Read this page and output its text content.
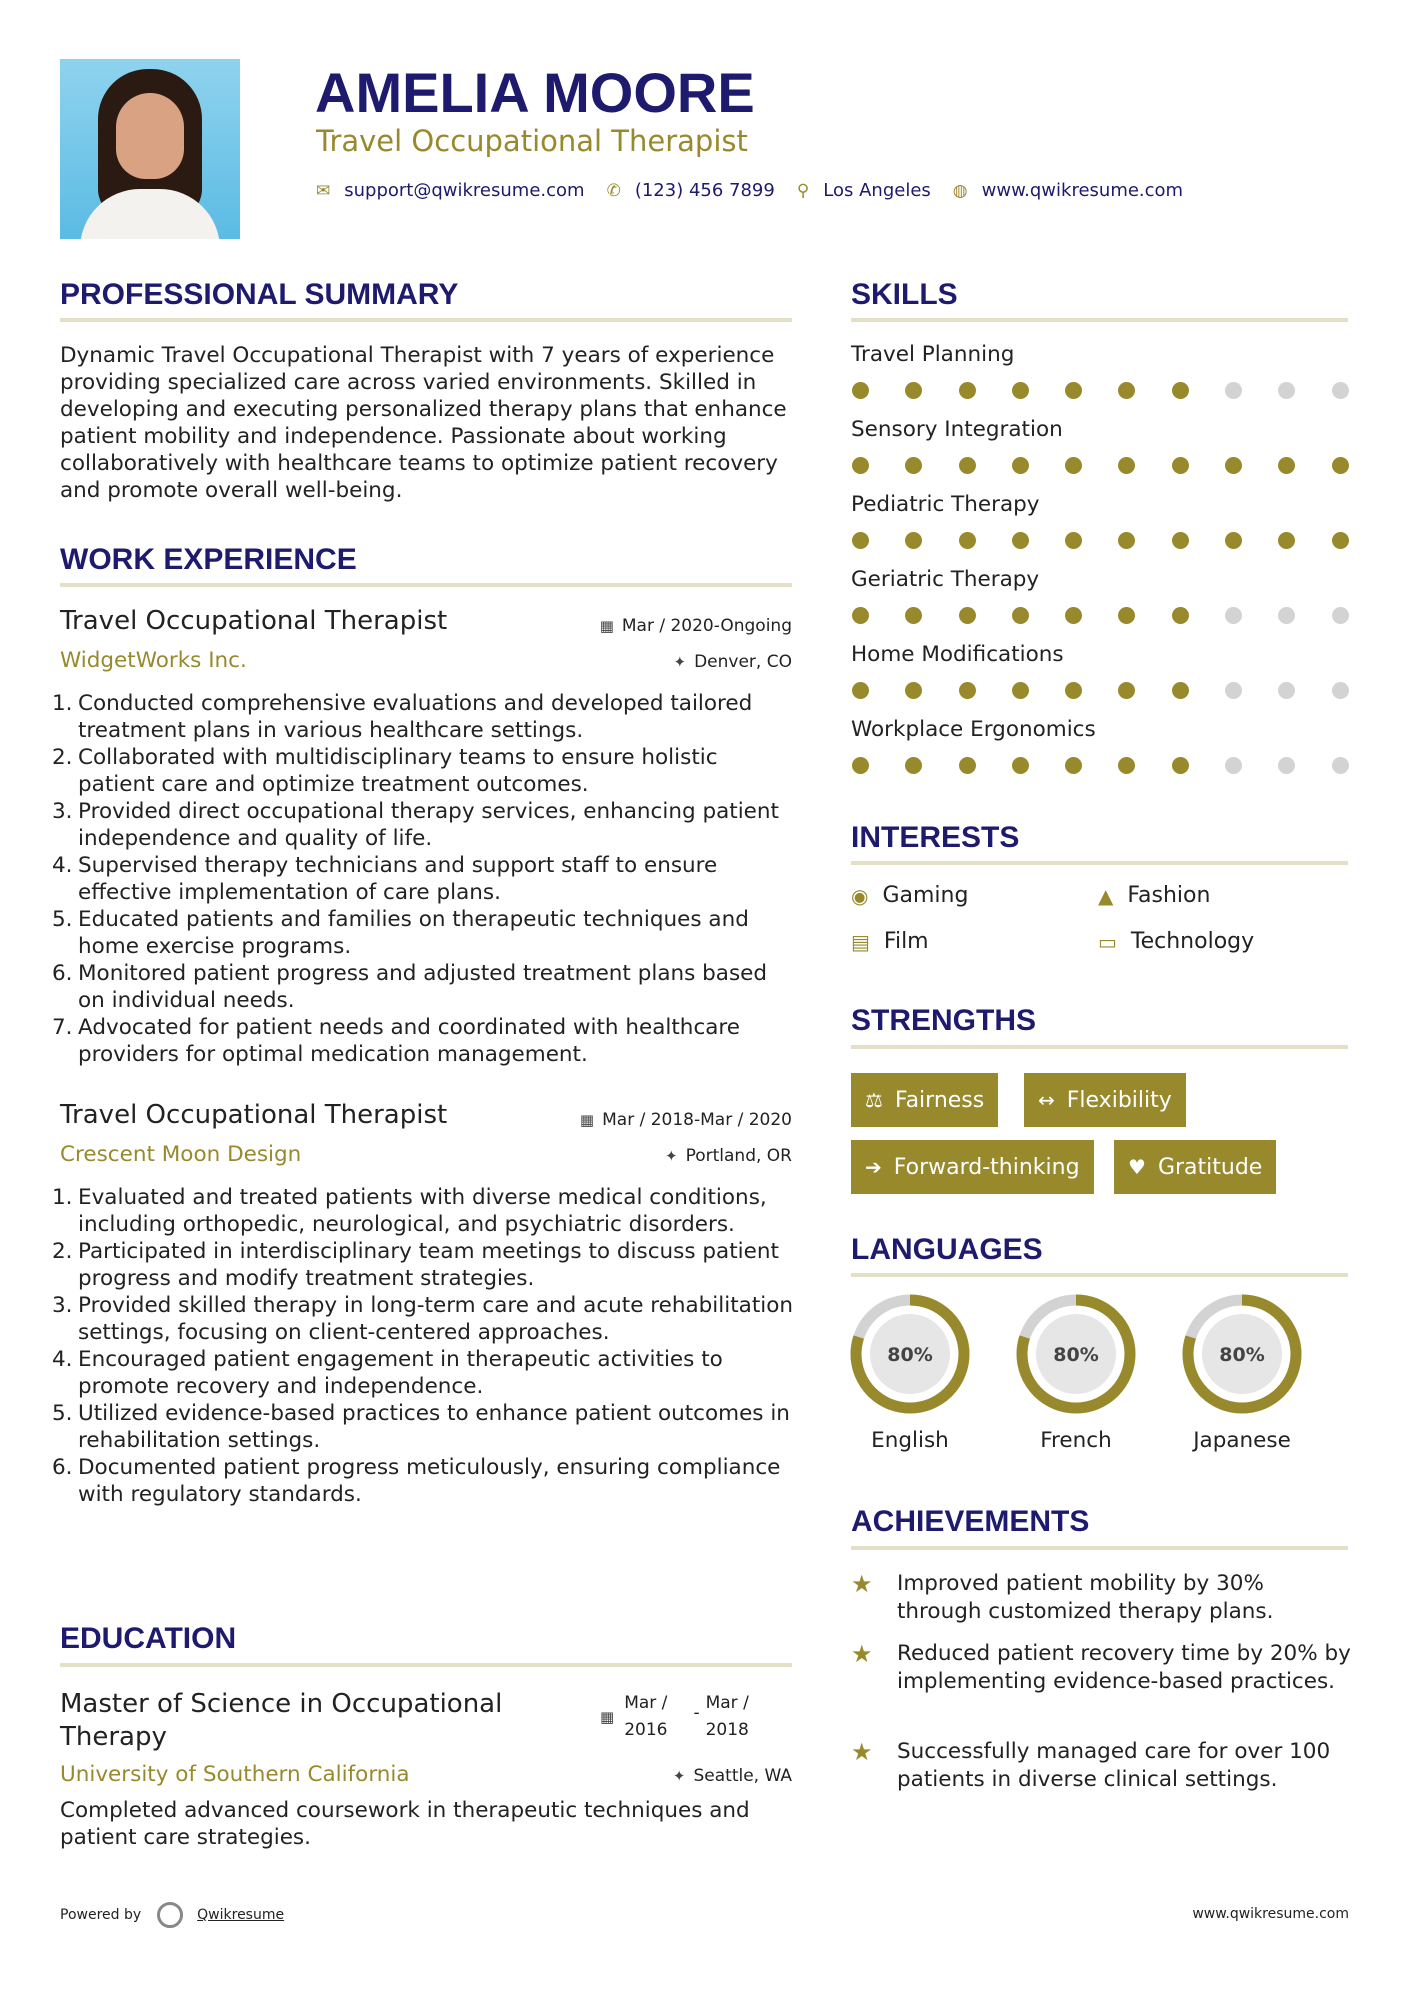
AMELIA MOORE
Travel Occupational Therapist
✉ support@qwikresume.com ✆ (123) 456 7899 ⚲ Los Angeles ◍ www.qwikresume.com
PROFESSIONAL SUMMARY
Dynamic Travel Occupational Therapist with 7 years of experience providing specialized care across varied environments. Skilled in developing and executing personalized therapy plans that enhance patient mobility and independence. Passionate about working collaboratively with healthcare teams to optimize patient recovery and promote overall well-being.
WORK EXPERIENCE
Travel Occupational Therapist	▦ Mar / 2020-Ongoing
WidgetWorks Inc.	✦ Denver, CO
1. Conducted comprehensive evaluations and developed tailored treatment plans in various healthcare settings.
2. Collaborated with multidisciplinary teams to ensure holistic patient care and optimize treatment outcomes.
3. Provided direct occupational therapy services, enhancing patient independence and quality of life.
4. Supervised therapy technicians and support staff to ensure effective implementation of care plans.
5. Educated patients and families on therapeutic techniques and home exercise programs.
6. Monitored patient progress and adjusted treatment plans based on individual needs.
7. Advocated for patient needs and coordinated with healthcare providers for optimal medication management.
Travel Occupational Therapist	▦ Mar / 2018-Mar / 2020
Crescent Moon Design	✦ Portland, OR
1. Evaluated and treated patients with diverse medical conditions, including orthopedic, neurological, and psychiatric disorders.
2. Participated in interdisciplinary team meetings to discuss patient progress and modify treatment strategies.
3. Provided skilled therapy in long-term care and acute rehabilitation settings, focusing on client-centered approaches.
4. Encouraged patient engagement in therapeutic activities to promote recovery and independence.
5. Utilized evidence-based practices to enhance patient outcomes in rehabilitation settings.
6. Documented patient progress meticulously, ensuring compliance with regulatory standards.
EDUCATION
Master of Science in Occupational
Therapy
▦
Mar /
2016
- Mar /
2018
University of Southern California	✦ Seattle, WA
Completed advanced coursework in therapeutic techniques and patient care strategies.
SKILLS
Travel Planning
Sensory Integration
Pediatric Therapy
Geriatric Therapy
Home Modifications
Workplace Ergonomics
INTERESTS
◉ Gaming	▲ Fashion
▤ Film	▭ Technology
STRENGTHS
⚖ Fairness	↔ Flexibility
➔ Forward-thinking ♥ Gratitude
LANGUAGES
80%
English
80%
French
80%
Japanese
ACHIEVEMENTS
★	Improved patient mobility by 30% through customized therapy plans.
★	Reduced patient recovery time by 20% by implementing evidence-based practices.
★	Successfully managed care for over 100 patients in diverse clinical settings.
Powered by	Qwikresume	www.qwikresume.com
